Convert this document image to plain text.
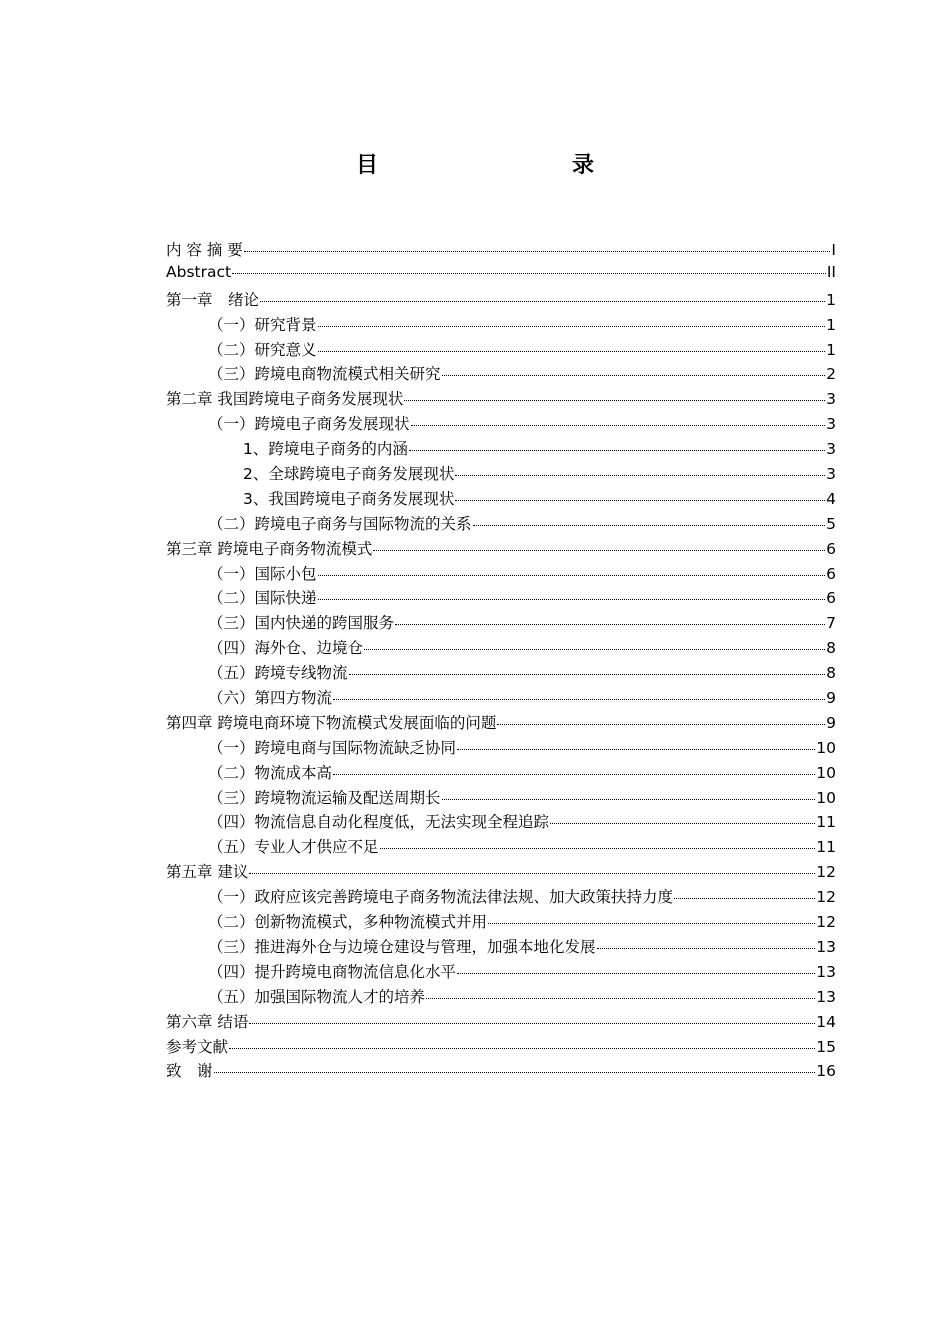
目　　录
内 容 摘 要	I
Abstract	II
第一章　绪论	1
（一）研究背景	1
（二）研究意义	1
（三）跨境电商物流模式相关研究	2
第二章 我国跨境电子商务发展现状	3
（一）跨境电子商务发展现状	3
1、跨境电子商务的内涵	3
2、全球跨境电子商务发展现状	3
3、我国跨境电子商务发展现状	4
（二）跨境电子商务与国际物流的关系	5
第三章 跨境电子商务物流模式	6
（一）国际小包	6
（二）国际快递	6
（三）国内快递的跨国服务	7
（四）海外仓、边境仓	8
（五）跨境专线物流	8
（六）第四方物流	9
第四章 跨境电商环境下物流模式发展面临的问题	9
（一）跨境电商与国际物流缺乏协同	10
（二）物流成本高	10
（三）跨境物流运输及配送周期长	10
（四）物流信息自动化程度低，无法实现全程追踪	11
（五）专业人才供应不足	11
第五章 建议	12
（一）政府应该完善跨境电子商务物流法律法规、加大政策扶持力度	12
（二）创新物流模式，多种物流模式并用	12
（三）推进海外仓与边境仓建设与管理，加强本地化发展	13
（四）提升跨境电商物流信息化水平	13
（五）加强国际物流人才的培养	13
第六章 结语	14
参考文献	15
致　谢	16
